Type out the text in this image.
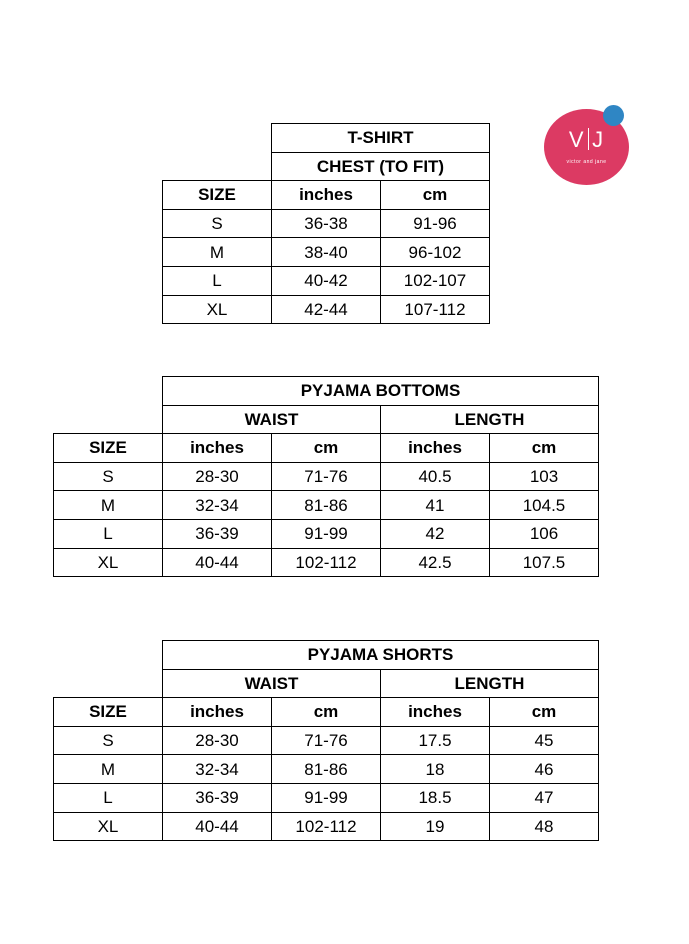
V J
victor and jane
	T-SHIRT	
	CHEST (TO FIT)	
SIZE	inches	cm
S	36-38	91-96
M	38-40	96-102
L	40-42	102-107
XL	42-44	107-112
	PYJAMA BOTTOMS			
	WAIST		LENGTH	
SIZE	inches	cm	inches	cm
S	28-30	71-76	40.5	103
M	32-34	81-86	41	104.5
L	36-39	91-99	42	106
XL	40-44	102-112	42.5	107.5
	PYJAMA SHORTS			
	WAIST		LENGTH	
SIZE	inches	cm	inches	cm
S	28-30	71-76	17.5	45
M	32-34	81-86	18	46
L	36-39	91-99	18.5	47
XL	40-44	102-112	19	48
